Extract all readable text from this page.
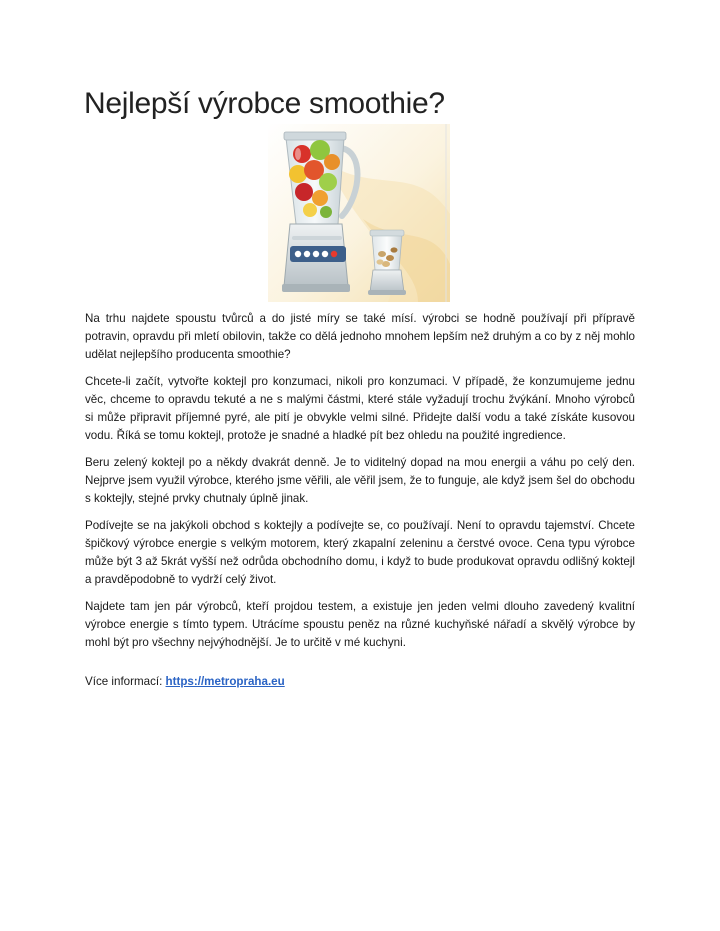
Nejlepší výrobce smoothie?

Na trhu najdete spoustu tvůrců a do jisté míry se také mísí. výrobci se hodně používají při přípravě potravin, opravdu při mletí obilovin, takže co dělá jednoho mnohem lepším než druhým a co by z něj mohlo udělat nejlepšího producenta smoothie?

Chcete-li začít, vytvořte koktejl pro konzumaci, nikoli pro konzumaci. V případě, že konzumujeme jednu věc, chceme to opravdu tekuté a ne s malými částmi, které stále vyžadují trochu žvýkání. Mnoho výrobců si může připravit příjemné pyré, ale pití je obvykle velmi silné. Přidejte další vodu a také získáte kusovou vodu. Říká se tomu koktejl, protože je snadné a hladké pít bez ohledu na použité ingredience.

Beru zelený koktejl po a někdy dvakrát denně. Je to viditelný dopad na mou energii a váhu po celý den. Nejprve jsem využil výrobce, kterého jsme věřili, ale věřil jsem, že to funguje, ale když jsem šel do obchodu s koktejly, stejné prvky chutnaly úplně jinak.

Podívejte se na jakýkoli obchod s koktejly a podívejte se, co používají. Není to opravdu tajemství. Chcete špičkový výrobce energie s velkým motorem, který zkapalní zeleninu a čerstvé ovoce. Cena typu výrobce může být 3 až 5krát vyšší než odrůda obchodního domu, i když to bude produkovat opravdu odlišný koktejl a pravděpodobně to vydrží celý život.

Najdete tam jen pár výrobců, kteří projdou testem, a existuje jen jeden velmi dlouho zavedený kvalitní výrobce energie s tímto typem. Utrácíme spoustu peněz na různé kuchyňské nářadí a skvělý výrobce by mohl být pro všechny nejvýhodnější. Je to určitě v mé kuchyni.

Více informací: https://metropraha.eu
